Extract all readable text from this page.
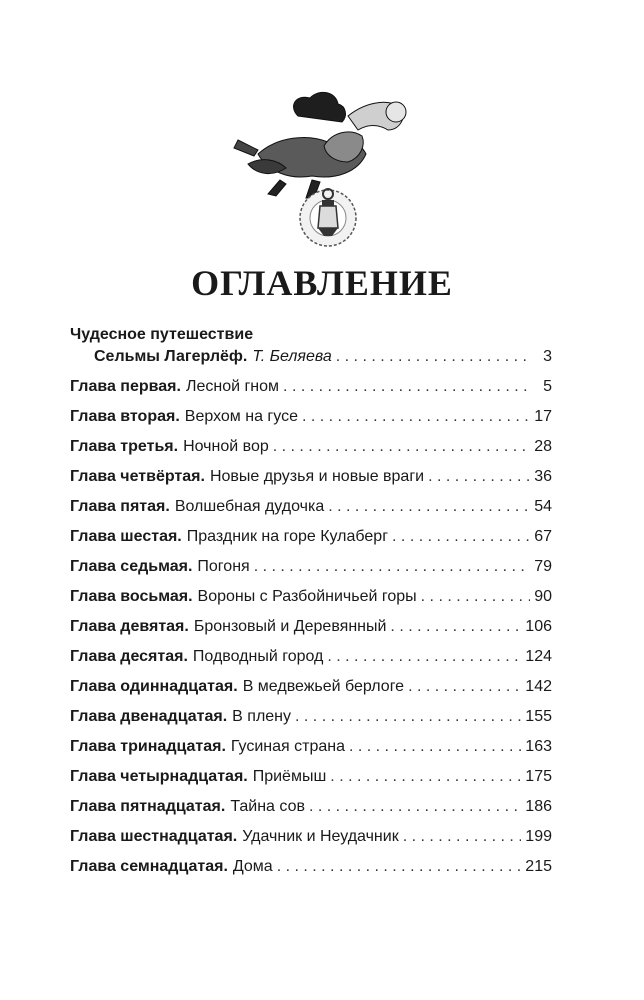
ОГЛАВЛЕНИЕ
Чудесное путешествие
Сельмы Лагерлёф. Т. Беляева . . .	3
Глава первая. Лесной гном . . .	5
Глава вторая. Верхом на гусе . . .	17
Глава третья. Ночной вор . . .	28
Глава четвёртая. Новые друзья и новые враги . . .	36
Глава пятая. Волшебная дудочка . . .	54
Глава шестая. Праздник на горе Кулаберг . . .	67
Глава седьмая. Погоня . . .	79
Глава восьмая. Вороны с Разбойничьей горы . . .	90
Глава девятая. Бронзовый и Деревянный . . .	106
Глава десятая. Подводный город . . .	124
Глава одиннадцатая. В медвежьей берлоге . . .	142
Глава двенадцатая. В плену . . .	155
Глава тринадцатая. Гусиная страна . . .	163
Глава четырнадцатая. Приёмыш . . .	175
Глава пятнадцатая. Тайна сов . . .	186
Глава шестнадцатая. Удачник и Неудачник . . .	199
Глава семнадцатая. Дома . . .	215
